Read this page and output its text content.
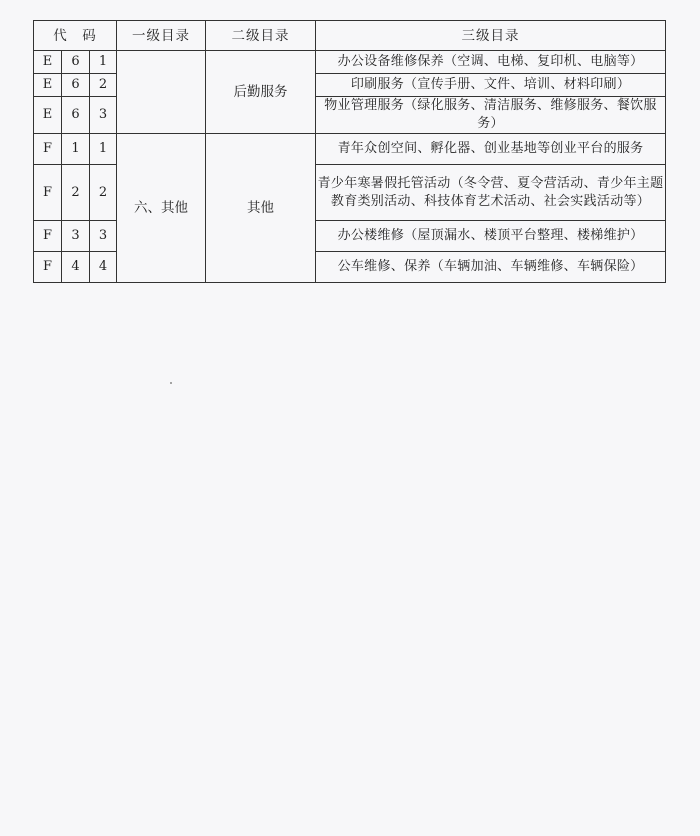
代　码			一级目录	二级目录	三级目录
E	6	1		后勤服务	办公设备维修保养（空调、电梯、复印机、电脑等）
E	6	2			印刷服务（宣传手册、文件、培训、材料印刷）
E	6	3			物业管理服务（绿化服务、清洁服务、维修服务、餐饮服务）
F	1	1	六、其他	其他	青年众创空间、孵化器、创业基地等创业平台的服务
F	2	2			青少年寒暑假托管活动（冬令营、夏令营活动、青少年主题教育类别活动、科技体育艺术活动、社会实践活动等）
F	3	3			办公楼维修（屋顶漏水、楼顶平台整理、楼梯维护）
F	4	4			公车维修、保养（车辆加油、车辆维修、车辆保险）
